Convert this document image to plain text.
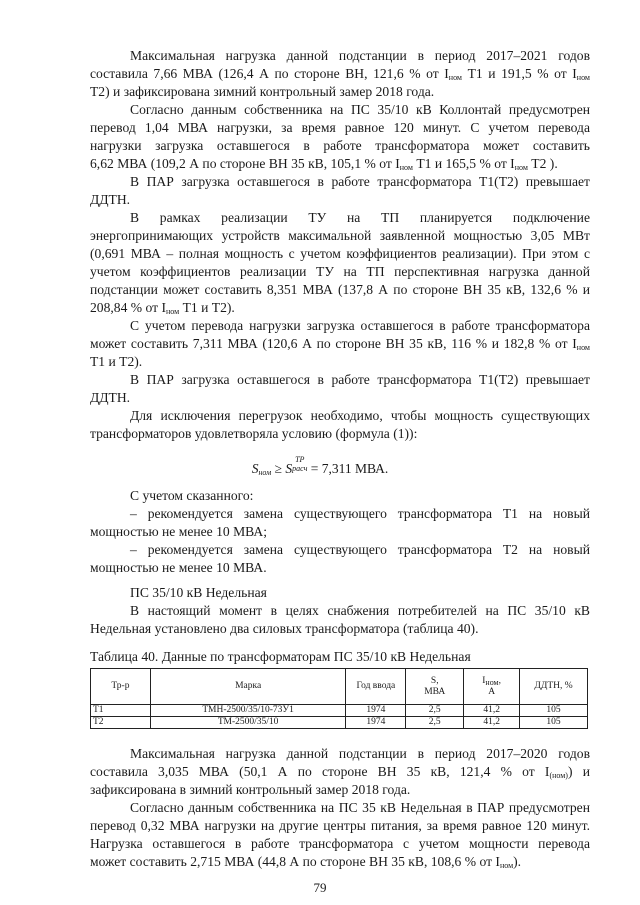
Максимальная нагрузка данной подстанции в период 2017–2021 годов
составила 7,66 МВА (126,4 А по стороне ВН, 121,6 % от $I_{ном}$ Т1 и 191,5 % от $I_{ном}$
Т2) и зафиксирована зимний контрольный замер 2018 года.
Согласно данным собственника на ПС 35/10 кВ Коллонтай предусмотрен
перевод 1,04 МВА нагрузки, за время равное 120 минут. С учетом перевода
нагрузки загрузка оставшегося в работе трансформатора может составить
6,62 МВА (109,2 А по стороне ВН 35 кВ, 105,1 % от $I_{ном}$ Т1 и 165,5 % от $I_{ном}$ Т2 ).
В ПАР загрузка оставшегося в работе трансформатора Т1(Т2) превышает
ДДТН.
В рамках реализации ТУ на ТП планируется подключение
энергопринимающих устройств максимальной заявленной мощностью 3,05 МВт
(0,691 МВА – полная мощность с учетом коэффициентов реализации). При этом с
учетом коэффициентов реализации ТУ на ТП перспективная нагрузка данной
подстанции может составить 8,351 МВА (137,8 А по стороне ВН 35 кВ, 132,6 % и
208,84 % от $I_{ном}$ Т1 и Т2).
С учетом перевода нагрузки загрузка оставшегося в работе трансформатора
может составить 7,311 МВА (120,6 А по стороне ВН 35 кВ, 116 % и 182,8 % от $I_{ном}$
Т1 и Т2).
В ПАР загрузка оставшегося в работе трансформатора Т1(Т2) превышает
ДДТН.
Для исключения перегрузок необходимо, чтобы мощность существующих
трансформаторов удовлетворяла условию (формула (1)):
$S_{ном} \ge S$
ТР
расч = 7,311 МВА.
С учетом сказанного:
– рекомендуется замена существующего трансформатора Т1 на новый
мощностью не менее 10 МВА;
– рекомендуется замена существующего трансформатора Т2 на новый
мощностью не менее 10 МВА.
ПС 35/10 кВ Недельная
В настоящий момент в целях снабжения потребителей на ПС 35/10 кВ
Недельная установлено два силовых трансформатора (таблица 40).
Таблица 40. Данные по трансформаторам ПС 35/10 кВ Недельная
Тр-р	Марка	Год ввода	S,
МВА	$I_{ном}$,
А	ДДТН, %
Т1	ТМН-2500/35/10-73У1	1974	2,5	41,2	105
Т2	ТМ-2500/35/10	1974	2,5	41,2	105
Максимальная нагрузка данной подстанции в период 2017–2020 годов
составила 3,035 МВА (50,1 А по стороне ВН 35 кВ, 121,4 % от $I_{(ном)}$) и
зафиксирована в зимний контрольный замер 2018 года.
Согласно данным собственника на ПС 35 кВ Недельная в ПАР предусмотрен
перевод 0,32 МВА нагрузки на другие центры питания, за время равное 120 минут.
Нагрузка оставшегося в работе трансформатора с учетом мощности перевода
может составить 2,715 МВА (44,8 А по стороне ВН 35 кВ, 108,6 % от $I_{ном}$).
79
